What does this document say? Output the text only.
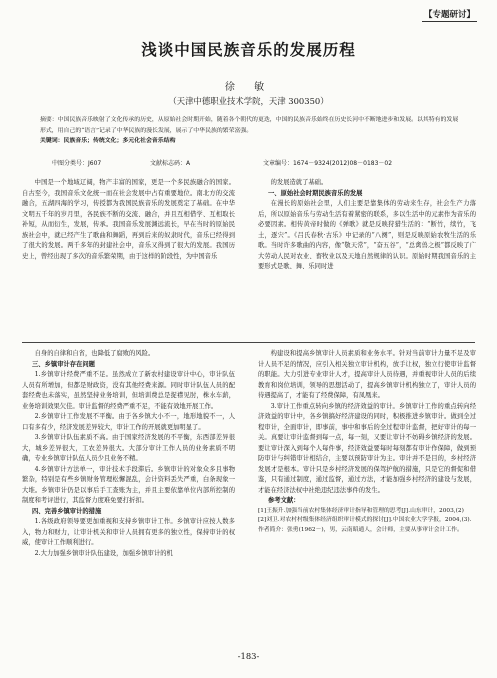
【专题研讨】
浅谈中国民族音乐的发展历程
徐 敏
（天津中德职业技术学院，天津 300350）
摘要：中国民族音乐映射了文化传承的历史，从原始社会时期开始，随着各个朝代的更迭，中国的民族音乐始终在历史长河中不断地进步和发展。以其特有的发展形式，用自己的“语言”记录了中华民族的漫长发展，展示了中华民族的繁荣富强。
关键词：民族音乐；传统文化；多元化社会音乐结构
中图分类号：J607	文献标志码：A	文章编号：1674－9324(2012)08－0183－02

中国是一个地域辽阔，物产丰富的国家，更是一个多民族融合的国家。自古至今，我国音乐文化统一而在社会发展中占有重要地位。南北方的交流融合，五湖四海的学习，传授都为我国民族音乐的发展奠定了基础。在中华文明五千年的岁月里，各民族不断的交流、融合，并且互相借学、互相取长补短，从而衍生，发展，传承。我国音乐发展渊远流长，早在当时的原始民族社会中，就已经产生了歌曲和舞蹈，再到后来的奴隶时代，音乐已经得到了很大的发展。两千多年的封建社会中，音乐又得到了很大的发展。我国历史上，曾经出现了多次的音乐繁荣期，由于这样的阶段性，为中国音乐

的发展造就了基础。

一、原始社会时期民族音乐的发展

在漫长的原始社会里，人们主要是靠集体的劳动来生存，社会生产力落后，所以原始音乐与劳动生活有着紧密的联系，多以生活中的元素作为音乐的必要因素。相传黄帝时做的《弹歌》就是反映狩猎生活的：“断竹，续竹，飞土，逐宍”。《吕氏春秋·古乐》中记录的“八阕”，则是反映原始农牧生活的乐歌。当时许多歌曲的内容，像“敬天常”，“奋五谷”，“总禽兽之极”都反映了广大劳动人民对农业、畜牧业以及天地自然规律的认识。原始时期我国音乐的主要形式是歌、舞、乐同时进

自身的自律和自省，也降低了腐败的风险。

三、乡镇审计存在问题

1.乡镇审计经费严重不足。虽然成立了新农村建设审计中心，审计队伍人员有所增加，但都是财政资，没有其他经费来源。同时审计队伍人员的配套经费也未落实，虽然坚持业务培训，但培训费总是捉襟见肘，株水车薪，业务培训效果欠佳。审计监督的经费严重不足，不能有效地开展工作。

2.乡镇审计工作发展不平衡。由于各乡镇大小不一，地形地貌不一，人口有多有少，经济发展差异较大，审计工作的开展就更加明显了。

3.乡镇审计队伍素质不高。由于国家经济发展的不平衡，东西部差异很大，城乡差异很大，工农差异很大。大部分审计工作人员的业务素质不明确，专业乡镇审计队伍人员少且业务不精。

4.乡镇审计方法单一，审计技术手段滞后。乡镇审计的对象众多且事物繁杂，特别是有些乡镇财务管理松懈混乱，会计资料丢失严重，白条现象一大堆。乡镇审计仍是以事后手工查账为主，并且主要依靠单位内部所控制的制度和考评进行，其监督力度难免要打折扣。

四、完善乡镇审计的措施

1.各级政府领导要更加重视和支持乡镇审计工作。乡镇审计应按人数多入，物力和财力，让审计机关和审计人员拥有更多的独立性，保持审计的权威，使审计工作顺利进行。

2.大力加强乡镇审计队伍建设，加强乡镇审计的机

构建设和提高乡镇审计人员素质和业务水平。针对当前审计力量不足及审计人员不足的情况，应引入相关独立审计机构，放手让权，独立行使审计监督的职能。大力引进专业审计人才，提高审计人员待遇，并重视审计人员的后续教育和岗位培训，领导的思想活动了，提高乡镇审计机构独立了，审计人员的待遇提高了，才能有了经费保障，有凤凰来。

3.审计工作重点转向乡镇的经济效益的审计。乡镇审计工作的重点转向经济效益的审计中，各乡镇搞好经济建设的同时，积极推进乡镇审计。做到全过程审计，全面审计，即事前，事中和事后的全过程审计监督，把好审计的每一关。真要让审计监督到每一点，每一刻，又要让审计不妨碍乡镇经济的发展。要让审计深入到每个人每件事，经济效益要每时每刻都有审计作保障，做到预防审计与纠错审计相结合，主要以预防审计为主。审计并不是目的，乡村经济发展才是根本。审计只是乡村经济发展的保驾护航的措施，只是它的督促和借鉴，只有通过制度，通过监督，通过方法，才能加强乡村经济的建设与发展，才能在经济法权中社绝违纪违法事件的发生。

参考文献：

[1]王振升.加强当前农村集体经济审计指导和管理的思考[J].山东审计，2003,(2)

[2]刘卫.对农村村级集体经济组织审计模式的探讨[J].中国农业大学学报，2004,(3).

作者简介：张勇(1962－)，男，云南昭通人，会计师，主要从事审计会计工作。

-183-
